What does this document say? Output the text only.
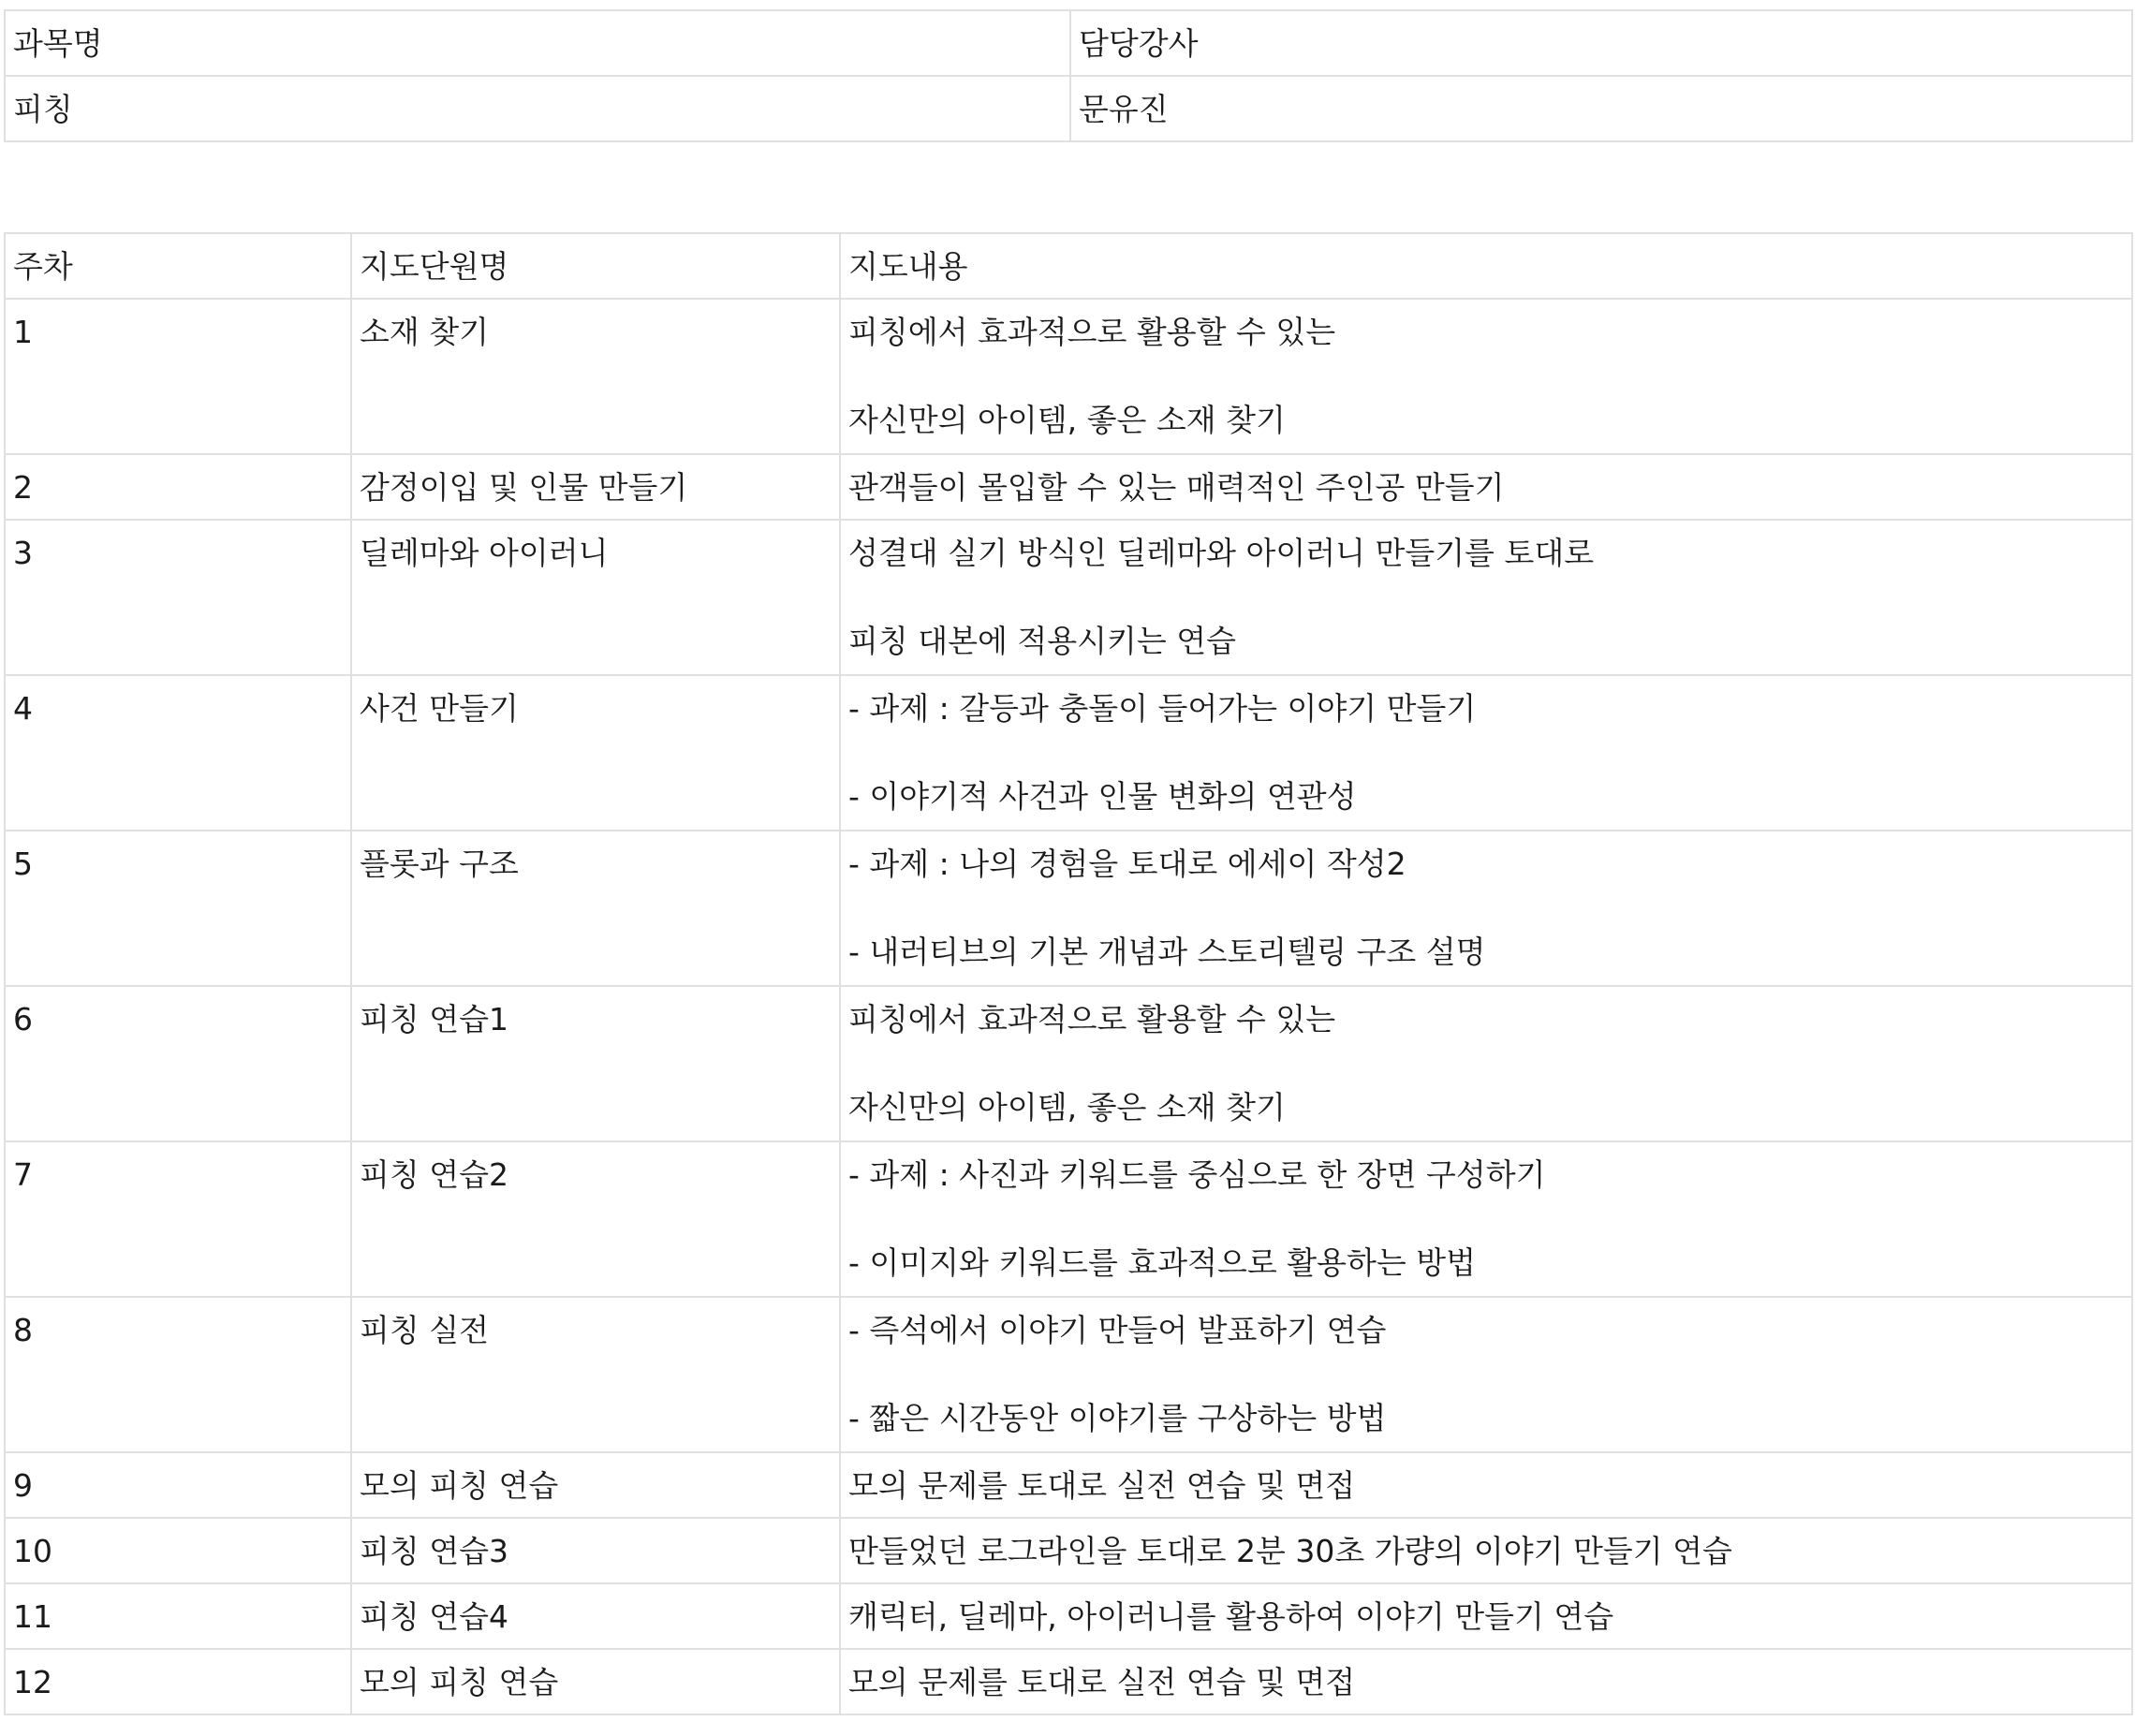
과목명	담당강사
피칭	문유진
주차	지도단원명	지도내용
1	소재 찾기	피칭에서 효과적으로 활용할 수 있는
자신만의 아이템, 좋은 소재 찾기

2	감정이입 및 인물 만들기	관객들이 몰입할 수 있는 매력적인 주인공 만들기

3	딜레마와 아이러니	성결대 실기 방식인 딜레마와 아이러니 만들기를 토대로
피칭 대본에 적용시키는 연습

4	사건 만들기	- 과제 : 갈등과 충돌이 들어가는 이야기 만들기
- 이야기적 사건과 인물 변화의 연관성

5	플롯과 구조	- 과제 : 나의 경험을 토대로 에세이 작성2
- 내러티브의 기본 개념과 스토리텔링 구조 설명

6	피칭 연습1	피칭에서 효과적으로 활용할 수 있는
자신만의 아이템, 좋은 소재 찾기

7	피칭 연습2	- 과제 : 사진과 키워드를 중심으로 한 장면 구성하기
- 이미지와 키워드를 효과적으로 활용하는 방법

8	피칭 실전	- 즉석에서 이야기 만들어 발표하기 연습
- 짧은 시간동안 이야기를 구상하는 방법

9	모의 피칭 연습	모의 문제를 토대로 실전 연습 및 면접

10	피칭 연습3	만들었던 로그라인을 토대로 2분 30초 가량의 이야기 만들기 연습

11	피칭 연습4	캐릭터, 딜레마, 아이러니를 활용하여 이야기 만들기 연습

12	모의 피칭 연습	모의 문제를 토대로 실전 연습 및 면접
